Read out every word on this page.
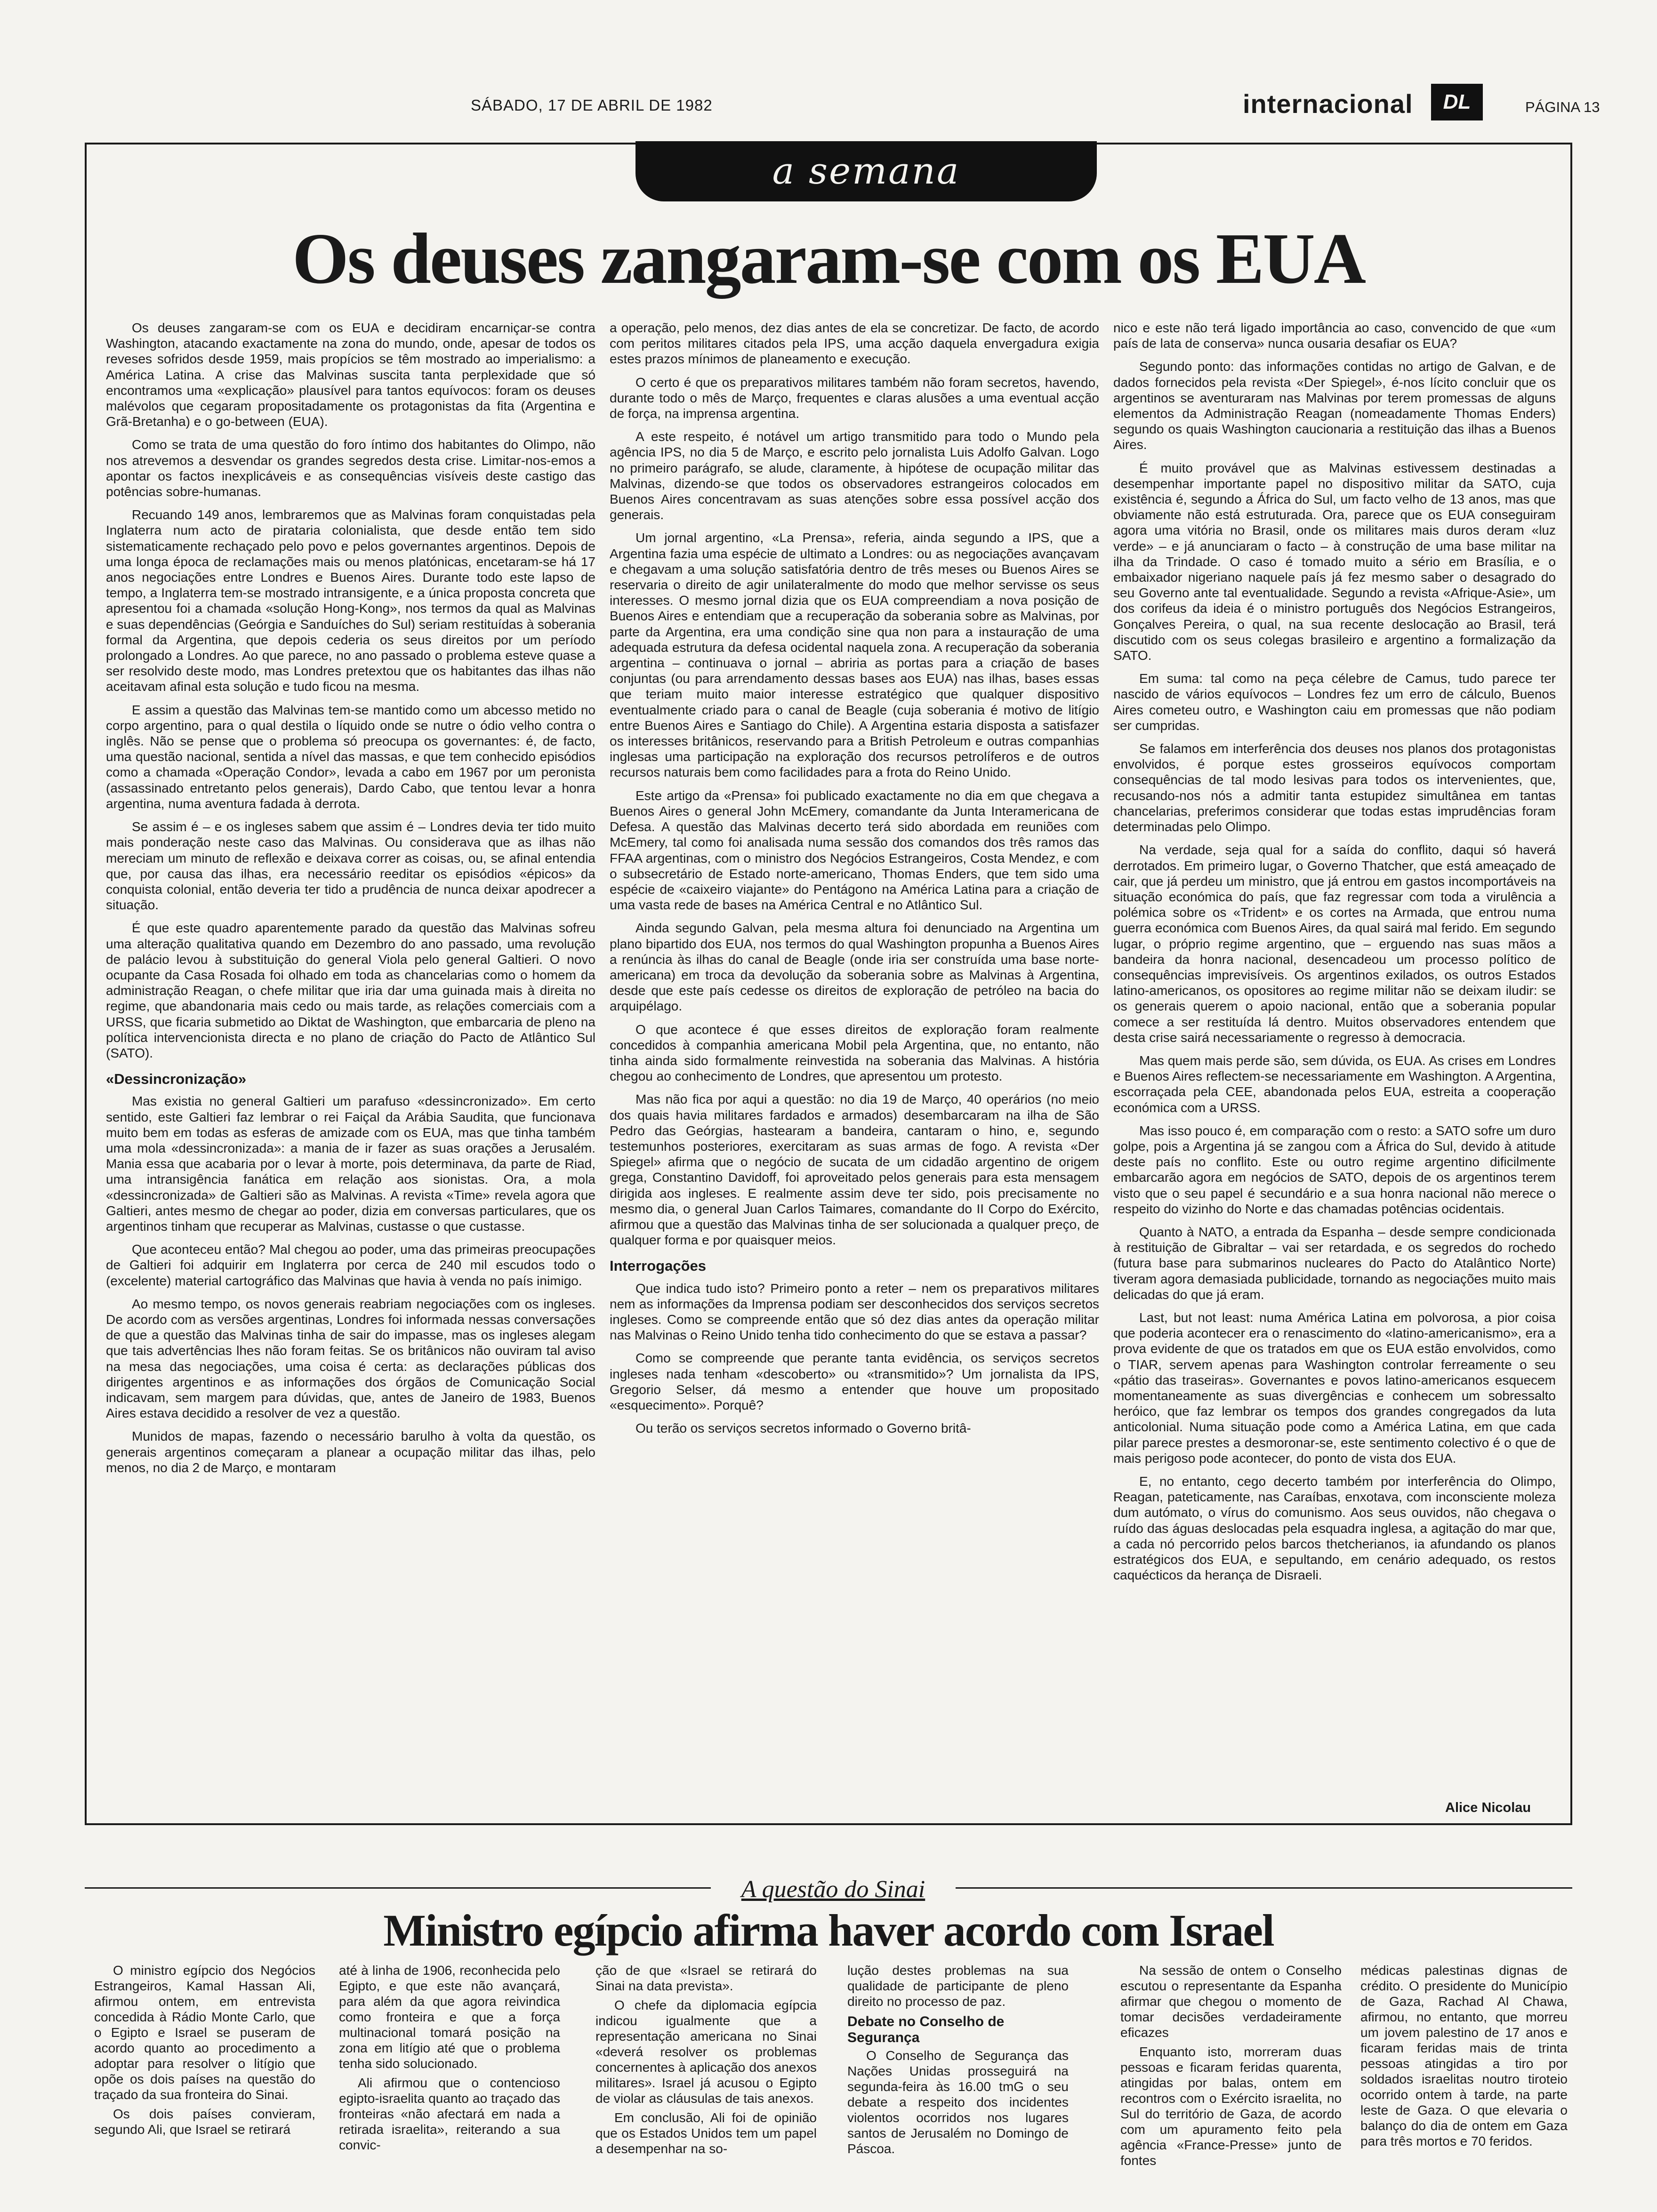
SÁBADO, 17 DE ABRIL DE 1982	internacional DL	PÁGINA 13
a semana
Os deuses zangaram-se com os EUA

Os deuses zangaram-se com os EUA e decidiram encarniçar-se contra Washington, atacando exactamente na zona do mundo, onde, apesar de todos os reveses sofridos desde 1959, mais propícios se têm mostrado ao imperialismo: a América Latina. A crise das Malvinas suscita tanta perplexidade que só encontramos uma «explicação» plausível para tantos equívocos: foram os deuses malévolos que cegaram propositadamente os protagonistas da fita (Argentina e Grã-Bretanha) e o go-between (EUA).

Como se trata de uma questão do foro íntimo dos habitantes do Olimpo, não nos atrevemos a desvendar os grandes segredos desta crise. Limitar-nos-emos a apontar os factos inexplicáveis e as consequências visíveis deste castigo das potências sobre-humanas.

Recuando 149 anos, lembraremos que as Malvinas foram conquistadas pela Inglaterra num acto de pirataria colonialista, que desde então tem sido sistematicamente rechaçado pelo povo e pelos governantes argentinos. Depois de uma longa época de reclamações mais ou menos platónicas, encetaram-se há 17 anos negociações entre Londres e Buenos Aires. Durante todo este lapso de tempo, a Inglaterra tem-se mostrado intransigente, e a única proposta concreta que apresentou foi a chamada «solução Hong-Kong», nos termos da qual as Malvinas e suas dependências (Geórgia e Sanduíches do Sul) seriam restituídas à soberania formal da Argentina, que depois cederia os seus direitos por um período prolongado a Londres. Ao que parece, no ano passado o problema esteve quase a ser resolvido deste modo, mas Londres pretextou que os habitantes das ilhas não aceitavam afinal esta solução e tudo ficou na mesma.

E assim a questão das Malvinas tem-se mantido como um abcesso metido no corpo argentino, para o qual destila o líquido onde se nutre o ódio velho contra o inglês. Não se pense que o problema só preocupa os governantes: é, de facto, uma questão nacional, sentida a nível das massas, e que tem conhecido episódios como a chamada «Operação Condor», levada a cabo em 1967 por um peronista (assassinado entretanto pelos generais), Dardo Cabo, que tentou levar a honra argentina, numa aventura fadada à derrota.

Se assim é – e os ingleses sabem que assim é – Londres devia ter tido muito mais ponderação neste caso das Malvinas. Ou considerava que as ilhas não mereciam um minuto de reflexão e deixava correr as coisas, ou, se afinal entendia que, por causa das ilhas, era necessário reeditar os episódios «épicos» da conquista colonial, então deveria ter tido a prudência de nunca deixar apodrecer a situação.

É que este quadro aparentemente parado da questão das Malvinas sofreu uma alteração qualitativa quando em Dezembro do ano passado, uma revolução de palácio levou à substituição do general Viola pelo general Galtieri. O novo ocupante da Casa Rosada foi olhado em toda as chancelarias como o homem da administração Reagan, o chefe militar que iria dar uma guinada mais à direita no regime, que abandonaria mais cedo ou mais tarde, as relações comerciais com a URSS, que ficaria submetido ao Diktat de Washington, que embarcaria de pleno na política intervencionista directa e no plano de criação do Pacto de Atlântico Sul (SATO).

«Dessincronização»

Mas existia no general Galtieri um parafuso «dessincronizado». Em certo sentido, este Galtieri faz lembrar o rei Faiçal da Arábia Saudita, que funcionava muito bem em todas as esferas de amizade com os EUA, mas que tinha também uma mola «dessincronizada»: a mania de ir fazer as suas orações a Jerusalém. Mania essa que acabaria por o levar à morte, pois determinava, da parte de Riad, uma intransigência fanática em relação aos sionistas. Ora, a mola «dessincronizada» de Galtieri são as Malvinas. A revista «Time» revela agora que Galtieri, antes mesmo de chegar ao poder, dizia em conversas particulares, que os argentinos tinham que recuperar as Malvinas, custasse o que custasse.

Que aconteceu então? Mal chegou ao poder, uma das primeiras preocupações de Galtieri foi adquirir em Inglaterra por cerca de 240 mil escudos todo o (excelente) material cartográfico das Malvinas que havia à venda no país inimigo.

Ao mesmo tempo, os novos generais reabriam negociações com os ingleses. De acordo com as versões argentinas, Londres foi informada nessas conversações de que a questão das Malvinas tinha de sair do impasse, mas os ingleses alegam que tais advertências lhes não foram feitas. Se os britânicos não ouviram tal aviso na mesa das negociações, uma coisa é certa: as declarações públicas dos dirigentes argentinos e as informações dos órgãos de Comunicação Social indicavam, sem margem para dúvidas, que, antes de Janeiro de 1983, Buenos Aires estava decidido a resolver de vez a questão.

Munidos de mapas, fazendo o necessário barulho à volta da questão, os generais argentinos começaram a planear a ocupação militar das ilhas, pelo menos, no dia 2 de Março, e montaram

a operação, pelo menos, dez dias antes de ela se concretizar. De facto, de acordo com peritos militares citados pela IPS, uma acção daquela envergadura exigia estes prazos mínimos de planeamento e execução.

O certo é que os preparativos militares também não foram secretos, havendo, durante todo o mês de Março, frequentes e claras alusões a uma eventual acção de força, na imprensa argentina.

A este respeito, é notável um artigo transmitido para todo o Mundo pela agência IPS, no dia 5 de Março, e escrito pelo jornalista Luis Adolfo Galvan. Logo no primeiro parágrafo, se alude, claramente, à hipótese de ocupação militar das Malvinas, dizendo-se que todos os observadores estrangeiros colocados em Buenos Aires concentravam as suas atenções sobre essa possível acção dos generais.

Um jornal argentino, «La Prensa», referia, ainda segundo a IPS, que a Argentina fazia uma espécie de ultimato a Londres: ou as negociações avançavam e chegavam a uma solução satisfatória dentro de três meses ou Buenos Aires se reservaria o direito de agir unilateralmente do modo que melhor servisse os seus interesses. O mesmo jornal dizia que os EUA compreendiam a nova posição de Buenos Aires e entendiam que a recuperação da soberania sobre as Malvinas, por parte da Argentina, era uma condição sine qua non para a instauração de uma adequada estrutura da defesa ocidental naquela zona. A recuperação da soberania argentina – continuava o jornal – abriria as portas para a criação de bases conjuntas (ou para arrendamento dessas bases aos EUA) nas ilhas, bases essas que teriam muito maior interesse estratégico que qualquer dispositivo eventualmente criado para o canal de Beagle (cuja soberania é motivo de litígio entre Buenos Aires e Santiago do Chile). A Argentina estaria disposta a satisfazer os interesses britânicos, reservando para a British Petroleum e outras companhias inglesas uma participação na exploração dos recursos petrolíferos e de outros recursos naturais bem como facilidades para a frota do Reino Unido.

Este artigo da «Prensa» foi publicado exactamente no dia em que chegava a Buenos Aires o general John McEmery, comandante da Junta Interamericana de Defesa. A questão das Malvinas decerto terá sido abordada em reuniões com McEmery, tal como foi analisada numa sessão dos comandos dos três ramos das FFAA argentinas, com o ministro dos Negócios Estrangeiros, Costa Mendez, e com o subsecretário de Estado norte-americano, Thomas Enders, que tem sido uma espécie de «caixeiro viajante» do Pentágono na América Latina para a criação de uma vasta rede de bases na América Central e no Atlântico Sul.

Ainda segundo Galvan, pela mesma altura foi denunciado na Argentina um plano bipartido dos EUA, nos termos do qual Washington propunha a Buenos Aires a renúncia às ilhas do canal de Beagle (onde iria ser construída uma base norte-americana) em troca da devolução da soberania sobre as Malvinas à Argentina, desde que este país cedesse os direitos de exploração de petróleo na bacia do arquipélago.

O que acontece é que esses direitos de exploração foram realmente concedidos à companhia americana Mobil pela Argentina, que, no entanto, não tinha ainda sido formalmente reinvestida na soberania das Malvinas. A história chegou ao conhecimento de Londres, que apresentou um protesto.

Mas não fica por aqui a questão: no dia 19 de Março, 40 operários (no meio dos quais havia militares fardados e armados) desembarcaram na ilha de São Pedro das Geórgias, hastearam a bandeira, cantaram o hino, e, segundo testemunhos posteriores, exercitaram as suas armas de fogo. A revista «Der Spiegel» afirma que o negócio de sucata de um cidadão argentino de origem grega, Constantino Davidoff, foi aproveitado pelos generais para esta mensagem dirigida aos ingleses. E realmente assim deve ter sido, pois precisamente no mesmo dia, o general Juan Carlos Taimares, comandante do II Corpo do Exército, afirmou que a questão das Malvinas tinha de ser solucionada a qualquer preço, de qualquer forma e por quaisquer meios.

Interrogações

Que indica tudo isto? Primeiro ponto a reter – nem os preparativos militares nem as informações da Imprensa podiam ser desconhecidos dos serviços secretos ingleses. Como se compreende então que só dez dias antes da operação militar nas Malvinas o Reino Unido tenha tido conhecimento do que se estava a passar?

Como se compreende que perante tanta evidência, os serviços secretos ingleses nada tenham «descoberto» ou «transmitido»? Um jornalista da IPS, Gregorio Selser, dá mesmo a entender que houve um propositado «esquecimento». Porquê?

Ou terão os serviços secretos informado o Governo britâ-

nico e este não terá ligado importância ao caso, convencido de que «um país de lata de conserva» nunca ousaria desafiar os EUA?

Segundo ponto: das informações contidas no artigo de Galvan, e de dados fornecidos pela revista «Der Spiegel», é-nos lícito concluir que os argentinos se aventuraram nas Malvinas por terem promessas de alguns elementos da Administração Reagan (nomeadamente Thomas Enders) segundo os quais Washington caucionaria a restituição das ilhas a Buenos Aires.

É muito provável que as Malvinas estivessem destinadas a desempenhar importante papel no dispositivo militar da SATO, cuja existência é, segundo a África do Sul, um facto velho de 13 anos, mas que obviamente não está estruturada. Ora, parece que os EUA conseguiram agora uma vitória no Brasil, onde os militares mais duros deram «luz verde» – e já anunciaram o facto – à construção de uma base militar na ilha da Trindade. O caso é tomado muito a sério em Brasília, e o embaixador nigeriano naquele país já fez mesmo saber o desagrado do seu Governo ante tal eventualidade. Segundo a revista «Afrique-Asie», um dos corifeus da ideia é o ministro português dos Negócios Estrangeiros, Gonçalves Pereira, o qual, na sua recente deslocação ao Brasil, terá discutido com os seus colegas brasileiro e argentino a formalização da SATO.

Em suma: tal como na peça célebre de Camus, tudo parece ter nascido de vários equívocos – Londres fez um erro de cálculo, Buenos Aires cometeu outro, e Washington caiu em promessas que não podiam ser cumpridas.

Se falamos em interferência dos deuses nos planos dos protagonistas envolvidos, é porque estes grosseiros equívocos comportam consequências de tal modo lesivas para todos os intervenientes, que, recusando-nos nós a admitir tanta estupidez simultânea em tantas chancelarias, preferimos considerar que todas estas imprudências foram determinadas pelo Olimpo.

Na verdade, seja qual for a saída do conflito, daqui só haverá derrotados. Em primeiro lugar, o Governo Thatcher, que está ameaçado de cair, que já perdeu um ministro, que já entrou em gastos incomportáveis na situação económica do país, que faz regressar com toda a virulência a polémica sobre os «Trident» e os cortes na Armada, que entrou numa guerra económica com Buenos Aires, da qual sairá mal ferido. Em segundo lugar, o próprio regime argentino, que – erguendo nas suas mãos a bandeira da honra nacional, desencadeou um processo político de consequências imprevisíveis. Os argentinos exilados, os outros Estados latino-americanos, os opositores ao regime militar não se deixam iludir: se os generais querem o apoio nacional, então que a soberania popular comece a ser restituída lá dentro. Muitos observadores entendem que desta crise sairá necessariamente o regresso à democracia.

Mas quem mais perde são, sem dúvida, os EUA. As crises em Londres e Buenos Aires reflectem-se necessariamente em Washington. A Argentina, escorraçada pela CEE, abandonada pelos EUA, estreita a cooperação económica com a URSS.

Mas isso pouco é, em comparação com o resto: a SATO sofre um duro golpe, pois a Argentina já se zangou com a África do Sul, devido à atitude deste país no conflito. Este ou outro regime argentino dificilmente embarcarão agora em negócios de SATO, depois de os argentinos terem visto que o seu papel é secundário e a sua honra nacional não merece o respeito do vizinho do Norte e das chamadas potências ocidentais.

Quanto à NATO, a entrada da Espanha – desde sempre condicionada à restituição de Gibraltar – vai ser retardada, e os segredos do rochedo (futura base para submarinos nucleares do Pacto do Atalântico Norte) tiveram agora demasiada publicidade, tornando as negociações muito mais delicadas do que já eram.

Last, but not least: numa América Latina em polvorosa, a pior coisa que poderia acontecer era o renascimento do «latino-americanismo», era a prova evidente de que os tratados em que os EUA estão envolvidos, como o TIAR, servem apenas para Washington controlar ferreamente o seu «pátio das traseiras». Governantes e povos latino-americanos esquecem momentaneamente as suas divergências e conhecem um sobressalto heróico, que faz lembrar os tempos dos grandes congregados da luta anticolonial. Numa situação pode como a América Latina, em que cada pilar parece prestes a desmoronar-se, este sentimento colectivo é o que de mais perigoso pode acontecer, do ponto de vista dos EUA.

E, no entanto, cego decerto também por interferência do Olimpo, Reagan, pateticamente, nas Caraíbas, enxotava, com inconsciente moleza dum autómato, o vírus do comunismo. Aos seus ouvidos, não chegava o ruído das águas deslocadas pela esquadra inglesa, a agitação do mar que, a cada nó percorrido pelos barcos thetcherianos, ia afundando os planos estratégicos dos EUA, e sepultando, em cenário adequado, os restos caquécticos da herança de Disraeli.

Alice Nicolau
A questão do Sinai
Ministro egípcio afirma haver acordo com Israel

O ministro egípcio dos Negócios Estrangeiros, Kamal Hassan Ali, afirmou ontem, em entrevista concedida à Rádio Monte Carlo, que o Egipto e Israel se puseram de acordo quanto ao procedimento a adoptar para resolver o litígio que opõe os dois países na questão do traçado da sua fronteira do Sinai.

Os dois países convieram, segundo Ali, que Israel se retirará

até à linha de 1906, reconhecida pelo Egipto, e que este não avançará, para além da que agora reivindica como fronteira e que a força multinacional tomará posição na zona em litígio até que o problema tenha sido solucionado.

Ali afirmou que o contencioso egipto-israelita quanto ao traçado das fronteiras «não afectará em nada a retirada israelita», reiterando a sua convic-

ção de que «Israel se retirará do Sinai na data prevista».

O chefe da diplomacia egípcia indicou igualmente que a representação americana no Sinai «deverá resolver os problemas concernentes à aplicação dos anexos militares». Israel já acusou o Egipto de violar as cláusulas de tais anexos.

Em conclusão, Ali foi de opinião que os Estados Unidos tem um papel a desempenhar na so-

lução destes problemas na sua qualidade de participante de pleno direito no processo de paz.

Debate no Conselho de Segurança

O Conselho de Segurança das Nações Unidas prosseguirá na segunda-feira às 16.00 tmG o seu debate a respeito dos incidentes violentos ocorridos nos lugares santos de Jerusalém no Domingo de Páscoa.

Na sessão de ontem o Conselho escutou o representante da Espanha afirmar que chegou o momento de tomar decisões verdadeiramente eficazes

Enquanto isto, morreram duas pessoas e ficaram feridas quarenta, atingidas por balas, ontem em recontros com o Exército israelita, no Sul do território de Gaza, de acordo com um apuramento feito pela agência «France-Presse» junto de fontes

médicas palestinas dignas de crédito. O presidente do Município de Gaza, Rachad Al Chawa, afirmou, no entanto, que morreu um jovem palestino de 17 anos e ficaram feridas mais de trinta pessoas atingidas a tiro por soldados israelitas noutro tiroteio ocorrido ontem à tarde, na parte leste de Gaza. O que elevaria o balanço do dia de ontem em Gaza para três mortos e 70 feridos.
